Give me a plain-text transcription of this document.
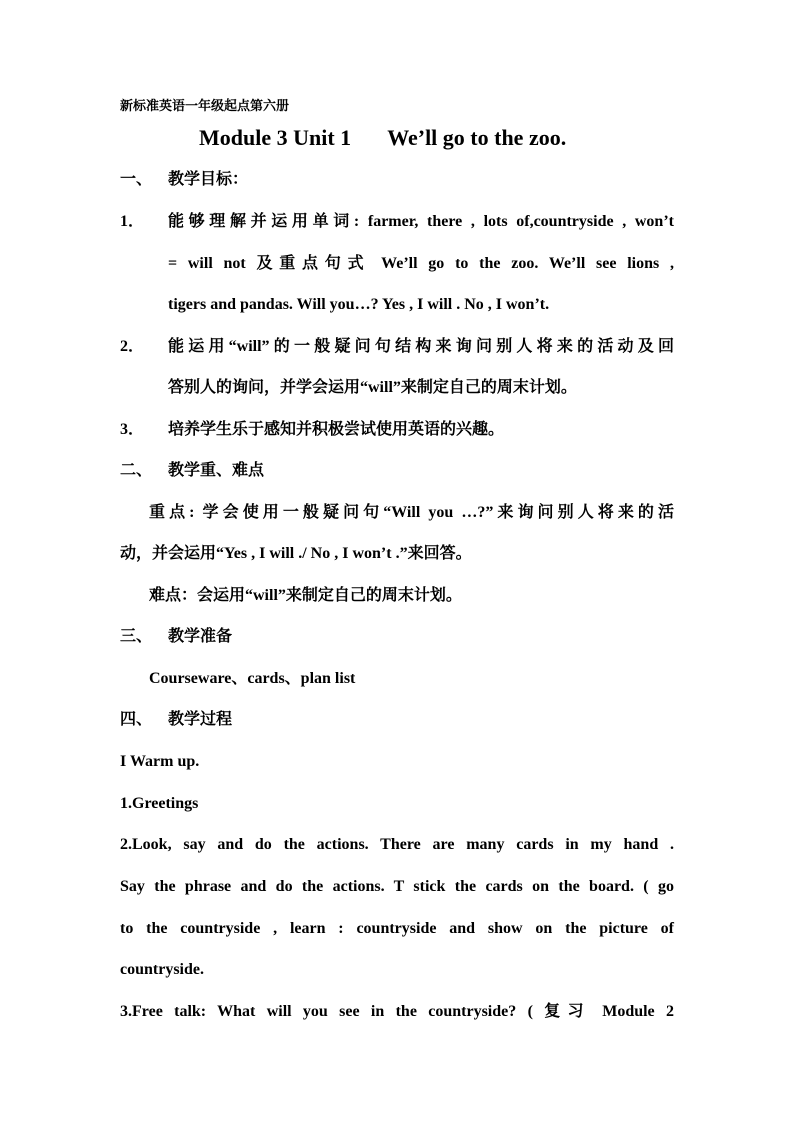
新标准英语一年级起点第六册
Module 3 Unit 1 We’ll go to the zoo.
一、 教学目标：
1． 能够理解并运用单词: farmer, there , lots of,countryside , won’t
= will not 及重点句式 We’ll go to the zoo. We’ll see lions ,
tigers and pandas. Will you…? Yes , I will . No , I won’t.
2． 能运用“will”的一般疑问句结构来询问别人将来的活动及回
答别人的询问，并学会运用“will”来制定自己的周末计划。
3． 培养学生乐于感知并积极尝试使用英语的兴趣。
二、 教学重、难点
重点: 学会使用一般疑问句“Will you …?”来询问别人将来的活
动，并会运用“Yes , I will ./ No , I won’t .”来回答。
难点：会运用“will”来制定自己的周末计划。
三、 教学准备
Courseware、cards、plan list
四、 教学过程
I Warm up.
1.Greetings
2.Look, say and do the actions. There are many cards in my hand .
Say the phrase and do the actions. T stick the cards on the board. ( go
to the countryside , learn : countryside and show on the picture of
countryside.
3.Free talk: What will you see in the countryside? ( 复习 Module 2
